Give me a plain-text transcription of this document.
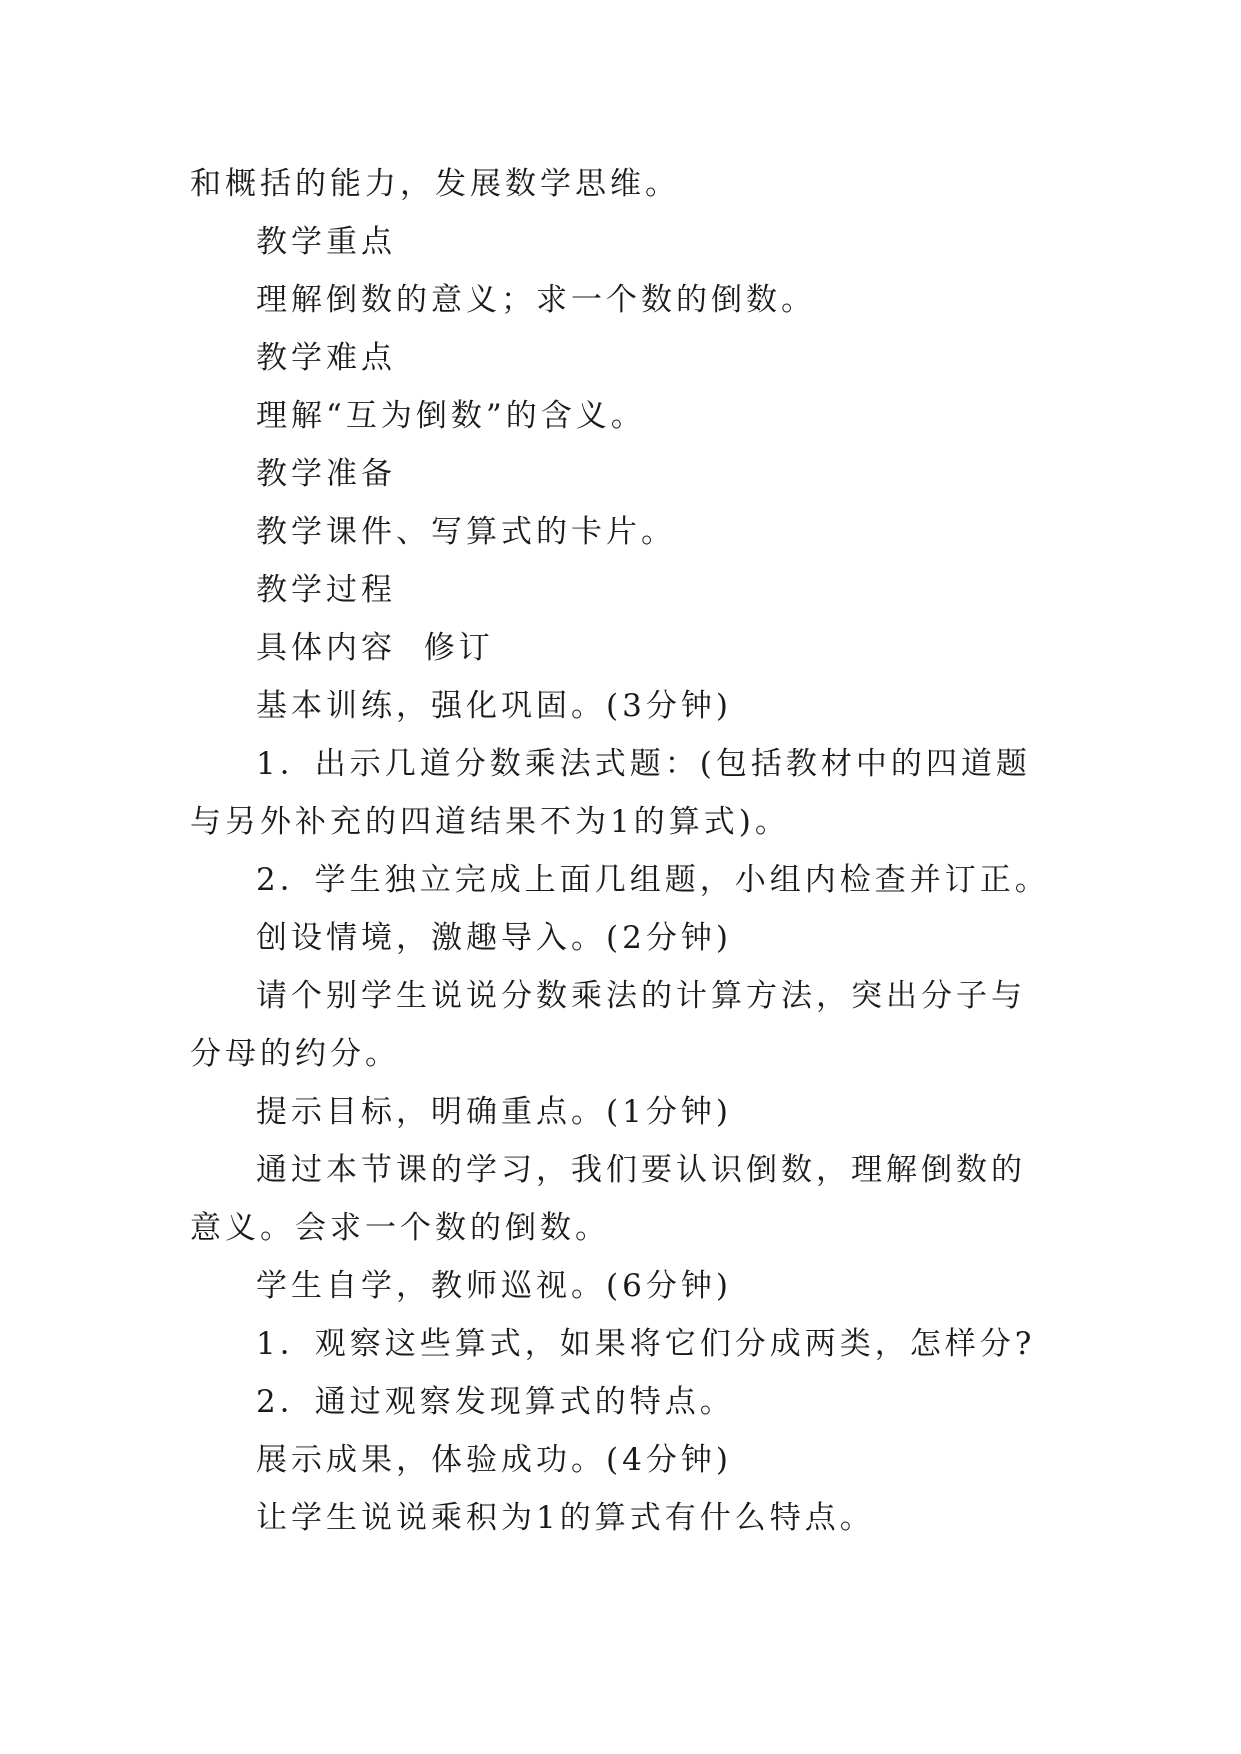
和概括的能力，发展数学思维。

教学重点

理解倒数的意义；求一个数的倒数。

教学难点

理解“互为倒数”的含义。

教学准备

教学课件、写算式的卡片。

教学过程

具体内容  修订

基本训练，强化巩固。(3分钟)

1．出示几道分数乘法式题：(包括教材中的四道题与另外补充的四道结果不为1的算式)。

2．学生独立完成上面几组题，小组内检查并订正。

创设情境，激趣导入。(2分钟)

请个别学生说说分数乘法的计算方法，突出分子与分母的约分。

提示目标，明确重点。(1分钟)

通过本节课的学习，我们要认识倒数，理解倒数的意义。会求一个数的倒数。

学生自学，教师巡视。(6分钟)

1．观察这些算式，如果将它们分成两类，怎样分?

2．通过观察发现算式的特点。

展示成果，体验成功。(4分钟)

让学生说说乘积为1的算式有什么特点。
